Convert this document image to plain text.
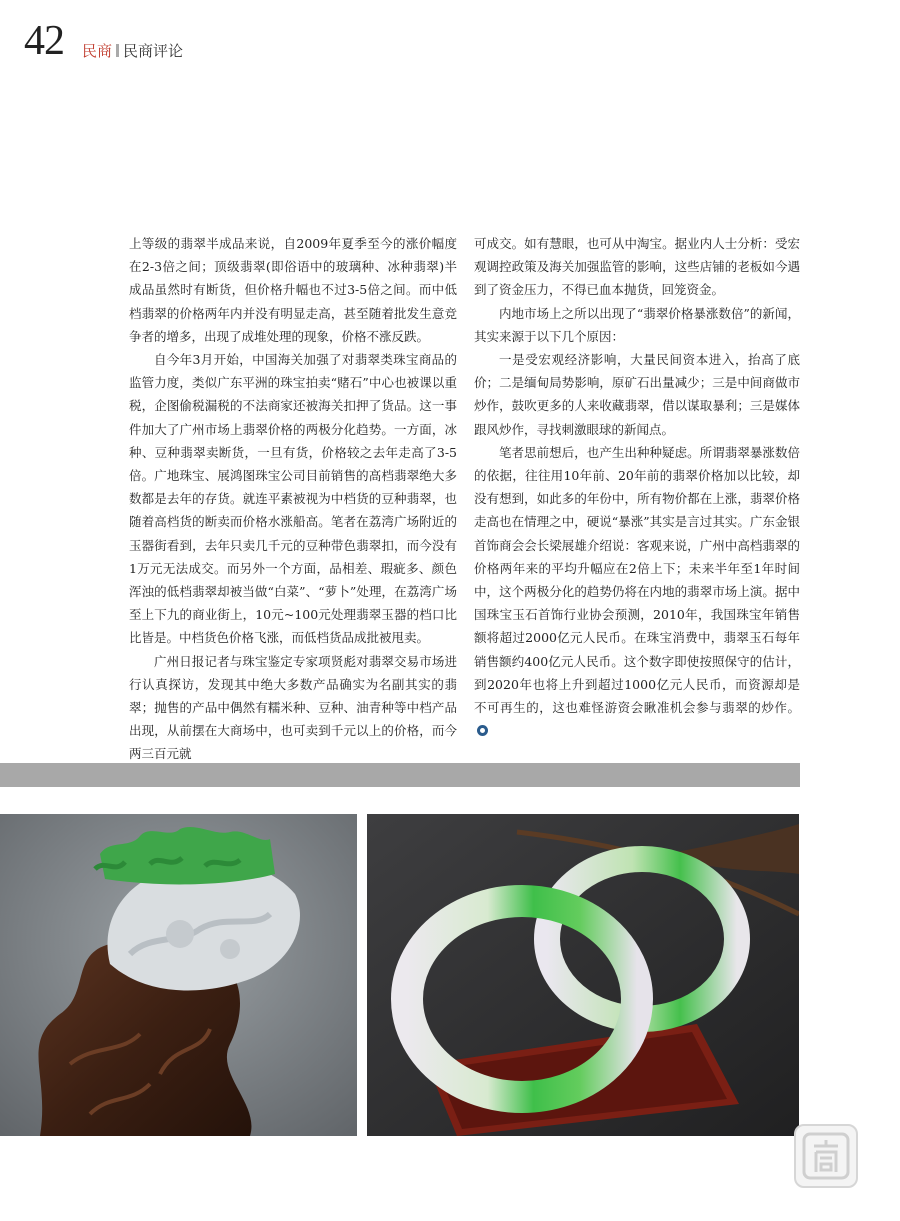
42 民商 民商评论

上等级的翡翠半成品来说，自2009年夏季至今的涨价幅度在2-3倍之间；顶级翡翠(即俗语中的玻璃种、冰种翡翠)半成品虽然时有断货，但价格升幅也不过3-5倍之间。而中低档翡翠的价格两年内并没有明显走高，甚至随着批发生意竞争者的增多，出现了成堆处理的现象，价格不涨反跌。

自今年3月开始，中国海关加强了对翡翠类珠宝商品的监管力度，类似广东平洲的珠宝拍卖“赌石”中心也被课以重税，企图偷税漏税的不法商家还被海关扣押了货品。这一事件加大了广州市场上翡翠价格的两极分化趋势。一方面，冰种、豆种翡翠卖断货，一旦有货，价格较之去年走高了3-5倍。广地珠宝、展鸿图珠宝公司目前销售的高档翡翠绝大多数都是去年的存货。就连平素被视为中档货的豆种翡翠，也随着高档货的断卖而价格水涨船高。笔者在荔湾广场附近的玉器街看到，去年只卖几千元的豆种带色翡翠扣，而今没有1万元无法成交。而另外一个方面，品相差、瑕疵多、颜色浑浊的低档翡翠却被当做“白菜”、“萝卜”处理，在荔湾广场至上下九的商业街上，10元~100元处理翡翠玉器的档口比比皆是。中档货色价格飞涨，而低档货品成批被甩卖。

广州日报记者与珠宝鉴定专家项贤彪对翡翠交易市场进行认真探访，发现其中绝大多数产品确实为名副其实的翡翠；抛售的产品中偶然有糯米种、豆种、油青种等中档产品出现，从前摆在大商场中，也可卖到千元以上的价格，而今两三百元就

可成交。如有慧眼，也可从中淘宝。据业内人士分析：受宏观调控政策及海关加强监管的影响，这些店铺的老板如今遇到了资金压力，不得已血本抛货，回笼资金。

内地市场上之所以出现了“翡翠价格暴涨数倍”的新闻，其实来源于以下几个原因：

一是受宏观经济影响，大量民间资本进入，抬高了底价；二是缅甸局势影响，原矿石出量减少；三是中间商做市炒作，鼓吹更多的人来收藏翡翠，借以谋取暴利；三是媒体跟风炒作，寻找刺激眼球的新闻点。

笔者思前想后，也产生出种种疑虑。所谓翡翠暴涨数倍的依据，往往用10年前、20年前的翡翠价格加以比较，却没有想到，如此多的年份中，所有物价都在上涨，翡翠价格走高也在情理之中，硬说“暴涨”其实是言过其实。广东金银首饰商会会长梁展雄介绍说：客观来说，广州中高档翡翠的价格两年来的平均升幅应在2倍上下；未来半年至1年时间中，这个两极分化的趋势仍将在内地的翡翠市场上演。据中国珠宝玉石首饰行业协会预测，2010年，我国珠宝年销售额将超过2000亿元人民币。在珠宝消费中，翡翠玉石每年销售额约400亿元人民币。这个数字即使按照保守的估计，到2020年也将上升到超过1000亿元人民币，而资源却是不可再生的，这也难怪游资会瞅准机会参与翡翠的炒作。
